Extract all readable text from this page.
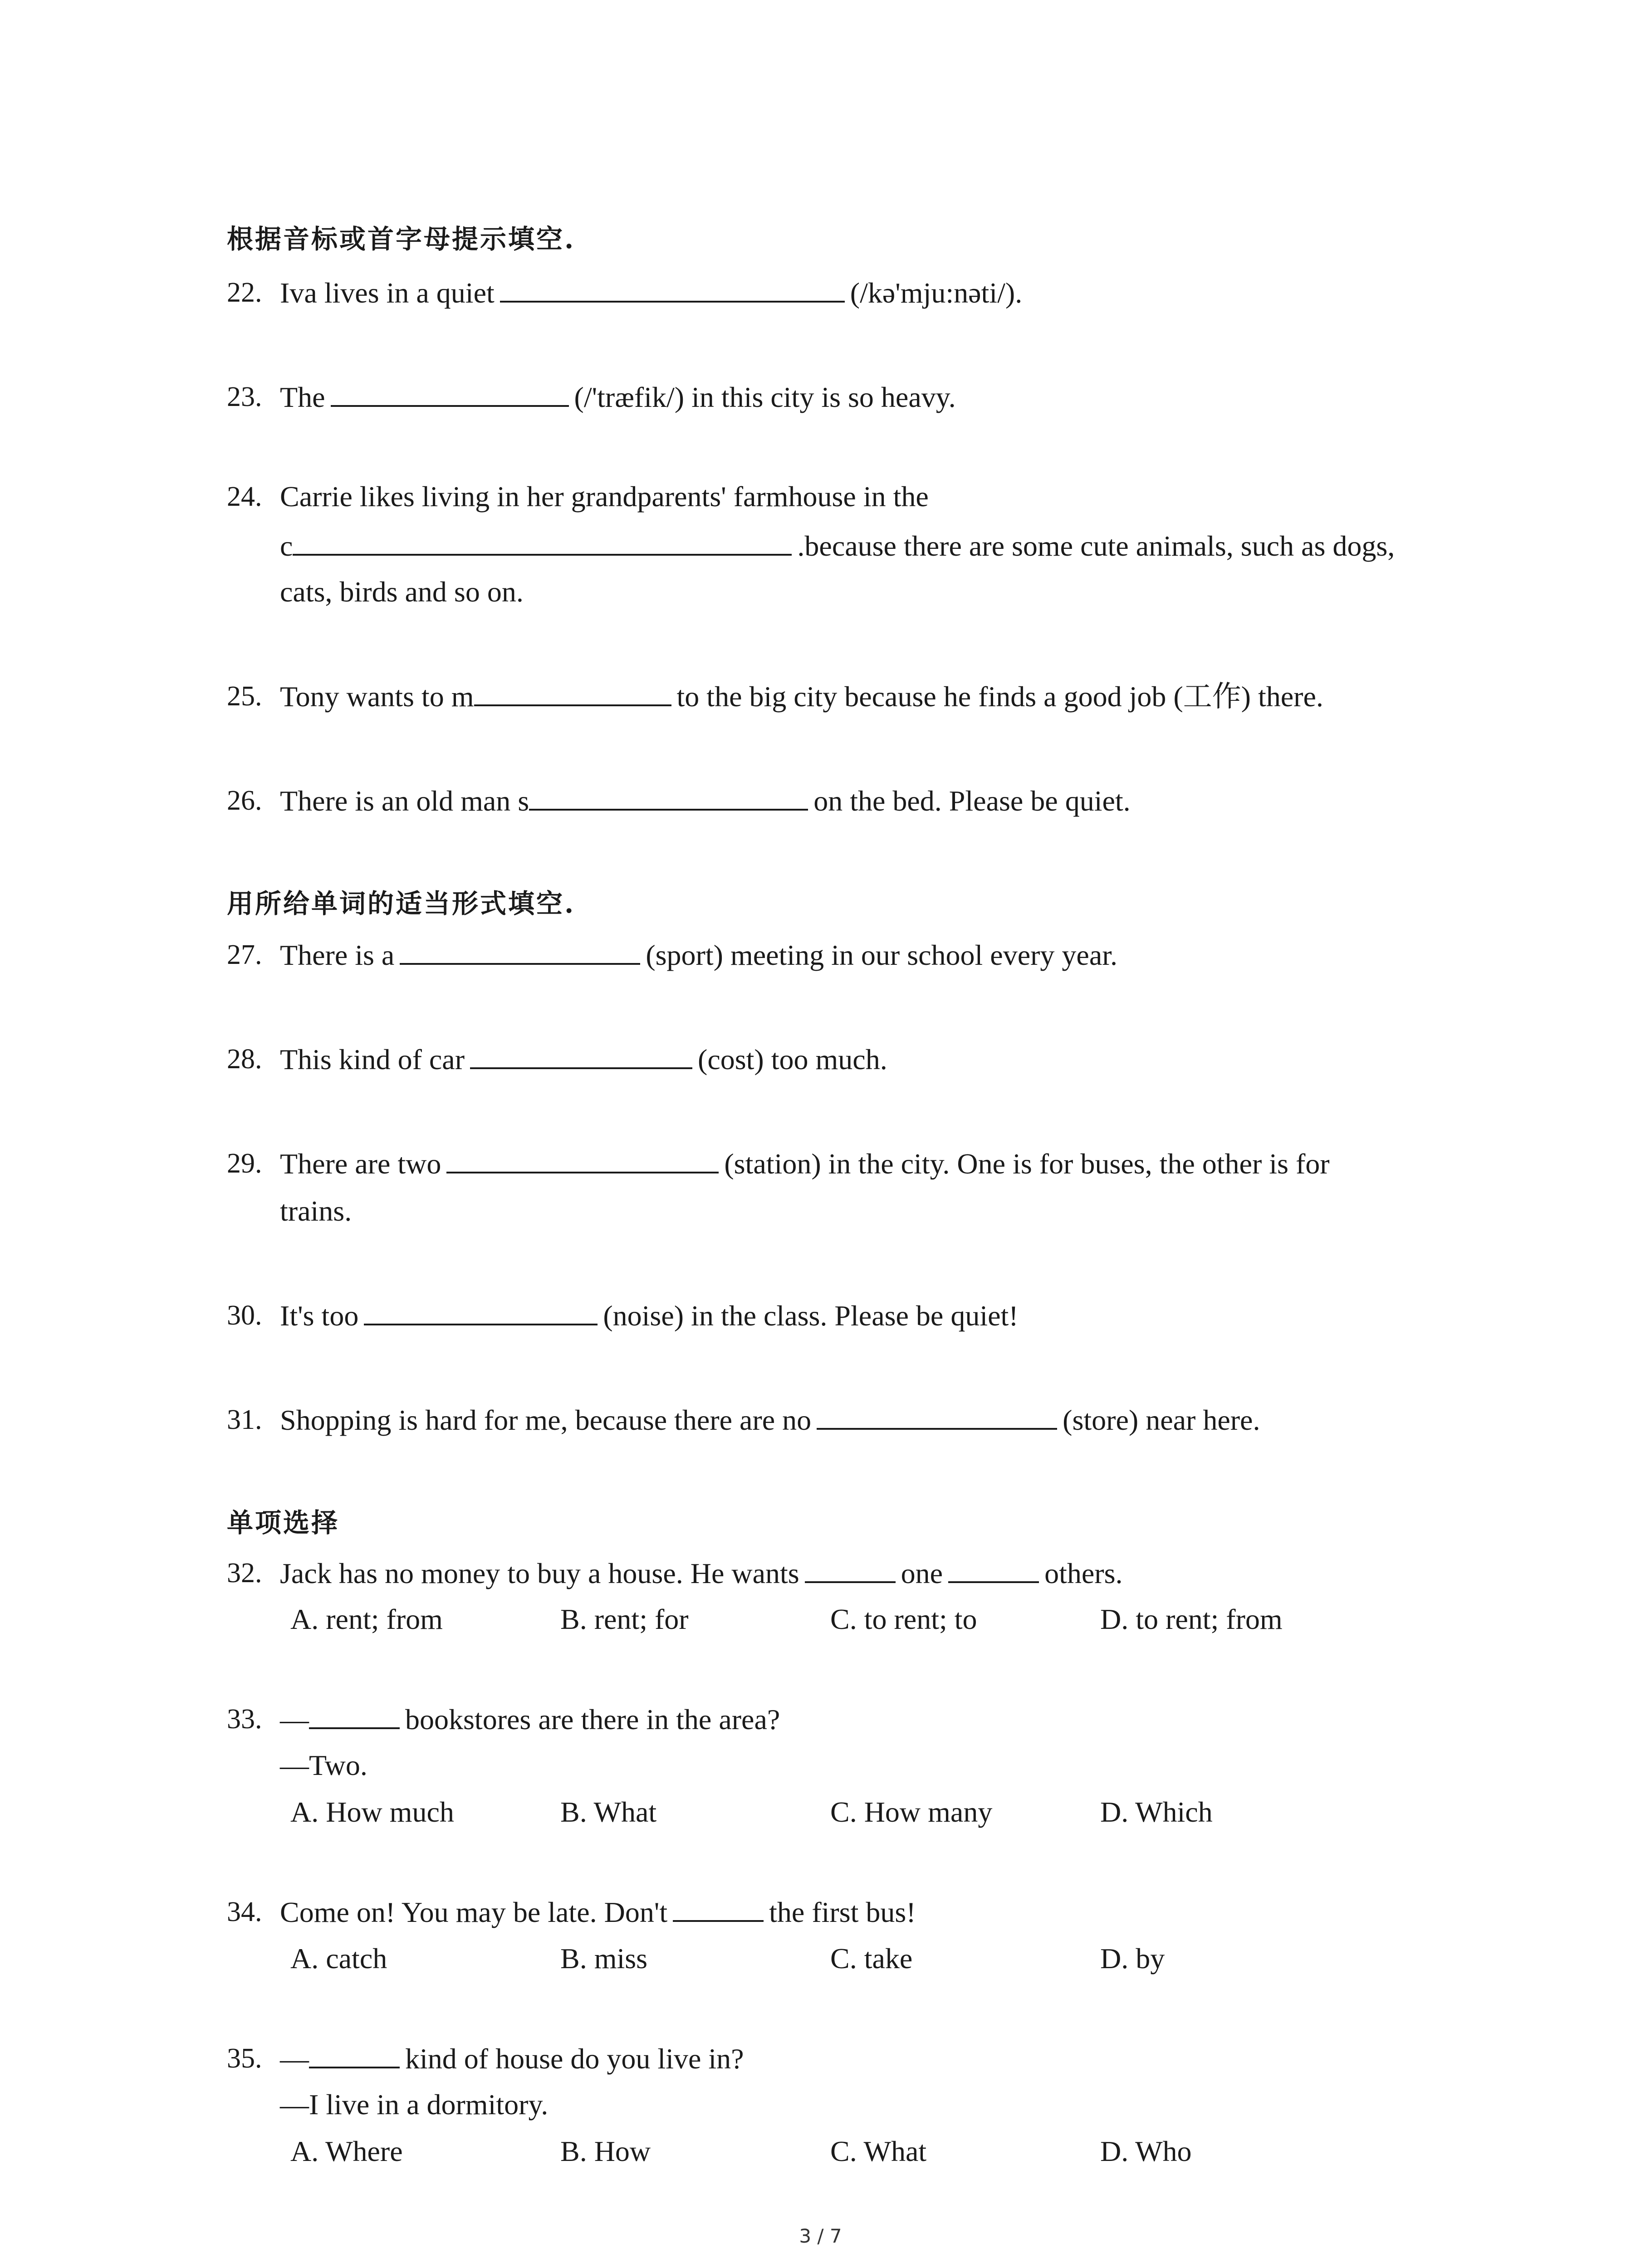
根据音标或首字母提示填空.
22. Iva lives in a quiet	(/kə'mju:nəti/).
23. The	(/'træfik/) in this city is so heavy.
24. Carrie likes living in her grandparents' farmhouse in the
c	.because there are some cute animals, such as dogs,
cats, birds and so on.
25. Tony wants to m	to the big city because he finds a good job (工作) there.
26. There is an old man s	on the bed. Please be quiet.
用所给单词的适当形式填空.
27. There is a	(sport) meeting in our school every year.
28. This kind of car	(cost) too much.
29. There are two	(station) in the city. One is for buses, the other is for
trains.
30. It's too	(noise) in the class. Please be quiet!
31. Shopping is hard for me, because there are no	(store) near here.
单项选择
32. Jack has no money to buy a house. He wants	one	others.
A. rent; from	B. rent; for	C. to rent; to	D. to rent; from
33. —	bookstores are there in the area?
—Two.
A. How much	B. What	C. How many	D. Which
34. Come on! You may be late. Don't	the first bus!
A. catch	B. miss	C. take	D. by
35. —	kind of house do you live in?
—I live in a dormitory.
A. Where	B. How	C. What	D. Who
3 / 7
